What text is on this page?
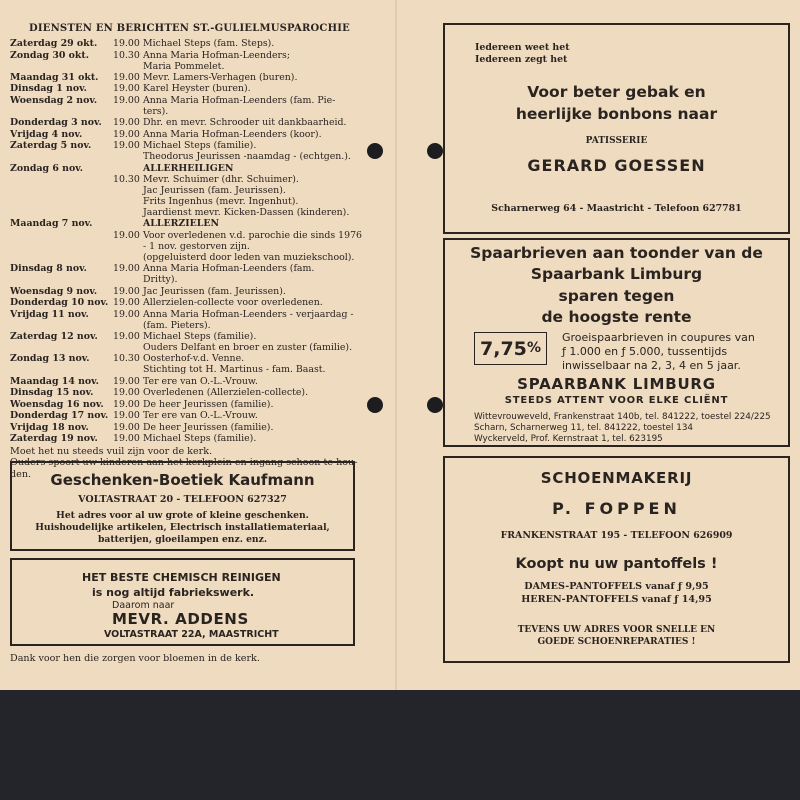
DIENSTEN EN BERICHTEN ST.-GULIELMUSPAROCHIE
Zaterdag 29 okt.	19.00 Michael Steps (fam. Steps).
Zondag 30 okt.	10.30 Anna Maria Hofman-Leenders;
Maria Pommelet.
Maandag 31 okt.	19.00 Mevr. Lamers-Verhagen (buren).
Dinsdag 1 nov.	19.00 Karel Heyster (buren).
Woensdag 2 nov.	19.00 Anna Maria Hofman-Leenders (fam. Pie-
ters).
Donderdag 3 nov.	19.00 Dhr. en mevr. Schrooder uit dankbaarheid.
Vrijdag 4 nov.	19.00 Anna Maria Hofman-Leenders (koor).
Zaterdag 5 nov.	19.00 Michael Steps (familie).
Theodorus Jeurissen -naamdag - (echtgen.).
Zondag 6 nov.	ALLERHEILIGEN
10.30 Mevr. Schuimer (dhr. Schuimer).
Jac Jeurissen (fam. Jeurissen).
Frits Ingenhus (mevr. Ingenhut).
Jaardienst mevr. Kicken-Dassen (kinderen).
Maandag 7 nov.	ALLERZIELEN
19.00 Voor overledenen v.d. parochie die sinds 1976
- 1 nov. gestorven zijn.
(opgeluisterd door leden van muziekschool).
Dinsdag 8 nov.	19.00 Anna Maria Hofman-Leenders (fam.
Dritty).
Woensdag 9 nov.	19.00 Jac Jeurissen (fam. Jeurissen).
Donderdag 10 nov. 19.00 Allerzielen-collecte voor overledenen.
Vrijdag 11 nov.	19.00 Anna Maria Hofman-Leenders - verjaardag -
(fam. Pieters).
Zaterdag 12 nov.	19.00 Michael Steps (familie).
Ouders Delfant en broer en zuster (familie).
Zondag 13 nov.	10.30 Oosterhof-v.d. Venne.
Stichting tot H. Martinus - fam. Baast.
Maandag 14 nov.	19.00 Ter ere van O.-L.-Vrouw.
Dinsdag 15 nov.	19.00 Overledenen (Allerzielen-collecte).
Woensdag 16 nov. 19.00 De heer Jeurissen (familie).
Donderdag 17 nov. 19.00 Ter ere van O.-L.-Vrouw.
Vrijdag 18 nov.	19.00 De heer Jeurissen (familie).
Zaterdag 19 nov.	19.00 Michael Steps (familie).
Moet het nu steeds vuil zijn voor de kerk.
Ouders spoort uw kinderen aan het kerkplein en ingang schoon te hou-
den.	Geschenken-Boetiek Kaufmann
VOLTASTRAAT 20 - TELEFOON 627327
Het adres voor al uw grote of kleine geschenken.
Huishoudelijke artikelen, Electrisch installatiemateriaal,
batterijen, gloeilampen enz. enz.
HET BESTE CHEMISCH REINIGEN
is nog altijd fabriekswerk.
Daarom naar
MEVR. ADDENS
VOLTASTRAAT 22A, MAASTRICHT
Dank voor hen die zorgen voor bloemen in de kerk.
Iedereen weet het
Iedereen zegt het
Voor beter gebak en
heerlijke bonbons naar
PATISSERIE
GERARD GOESSEN
Scharnerweg 64 - Maastricht - Telefoon 627781
Spaarbrieven aan toonder van de
Spaarbank Limburg
sparen tegen
de hoogste rente
7,75 %
Groeispaarbrieven in coupures van
ƒ 1.000 en ƒ 5.000, tussentijds
inwisselbaar na 2, 3, 4 en 5 jaar.
SPAARBANK LIMBURG
STEEDS ATTENT VOOR ELKE CLIËNT
Wittevrouweveld, Frankenstraat 140b, tel. 841222, toestel 224/225
Scharn, Scharnerweg 11, tel. 841222, toestel 134
Wyckerveld, Prof. Kernstraat 1, tel. 623195
SCHOENMAKERIJ
P. FOPPEN
FRANKENSTRAAT 195 - TELEFOON 626909
Koopt nu uw pantoffels !
DAMES-PANTOFFELS vanaf ƒ 9,95
HEREN-PANTOFFELS vanaf ƒ 14,95
TEVENS UW ADRES VOOR SNELLE EN
GOEDE SCHOENREPARATIES !
